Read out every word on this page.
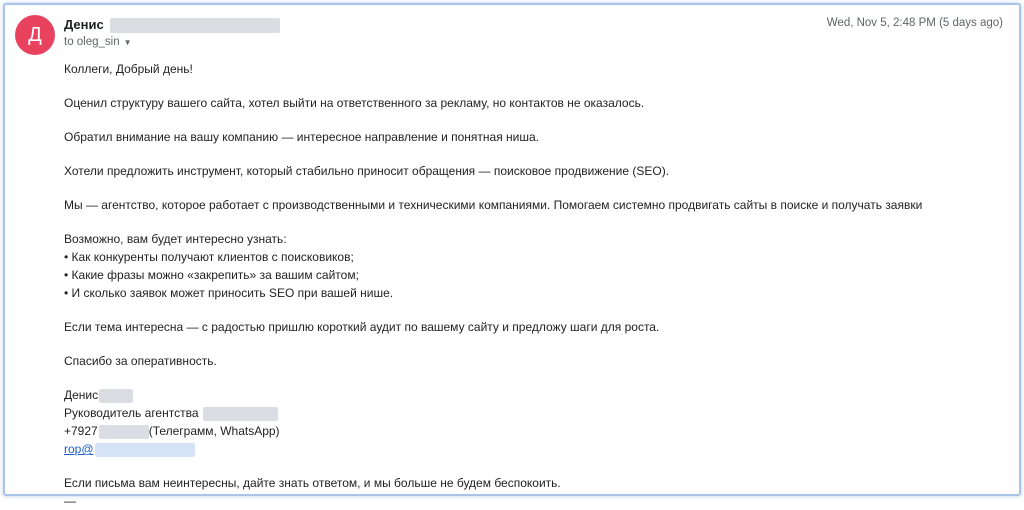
Д	Денис
to oleg_sin ▼
Wed, Nov 5, 2:48 PM (5 days ago)

Коллеги, Добрый день!

Оценил структуру вашего сайта, хотел выйти на ответственного за рекламу, но контактов не оказалось.

Обратил внимание на вашу компанию — интересное направление и понятная ниша.

Хотели предложить инструмент, который стабильно приносит обращения — поисковое продвижение (SEO).

Мы — агентство, которое работает с производственными и техническими компаниями. Помогаем системно продвигать сайты в поиске и получать заявки

Возможно, вам будет интересно узнать:

• Как конкуренты получают клиентов с поисковиков;

• Какие фразы можно «закрепить» за вашим сайтом;

• И сколько заявок может приносить SEO при вашей нише.

Если тема интересна — с радостью пришлю короткий аудит по вашему сайту и предложу шаги для роста.

Спасибо за оперативность.

Денис

Руководитель агентства

+7927	(Телеграмм, WhatsApp)

rop@

Если письма вам неинтересны, дайте знать ответом, и мы больше не будем беспокоить.

—
